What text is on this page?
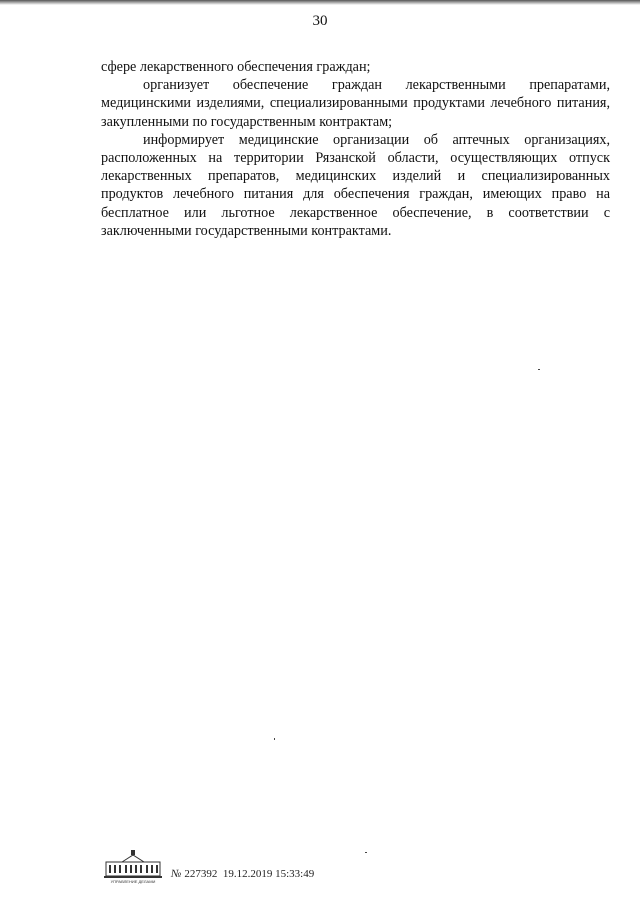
30

сфере лекарственного обеспечения граждан;

организует обеспечение граждан лекарственными препаратами, медицинскими изделиями, специализированными продуктами лечебного питания, закупленными по государственным контрактам;

информирует медицинские организации об аптечных организациях, расположенных на территории Рязанской области, осуществляющих отпуск лекарственных препаратов, медицинских изделий и специализированных продуктов лечебного питания для обеспечения граждан, имеющих право на бесплатное или льготное лекарственное обеспечение, в соответствии с заключенными государственными контрактами.

УПРАВЛЕНИЕ ДЕЛАМИ
№ 227392 19.12.2019 15:33:49
